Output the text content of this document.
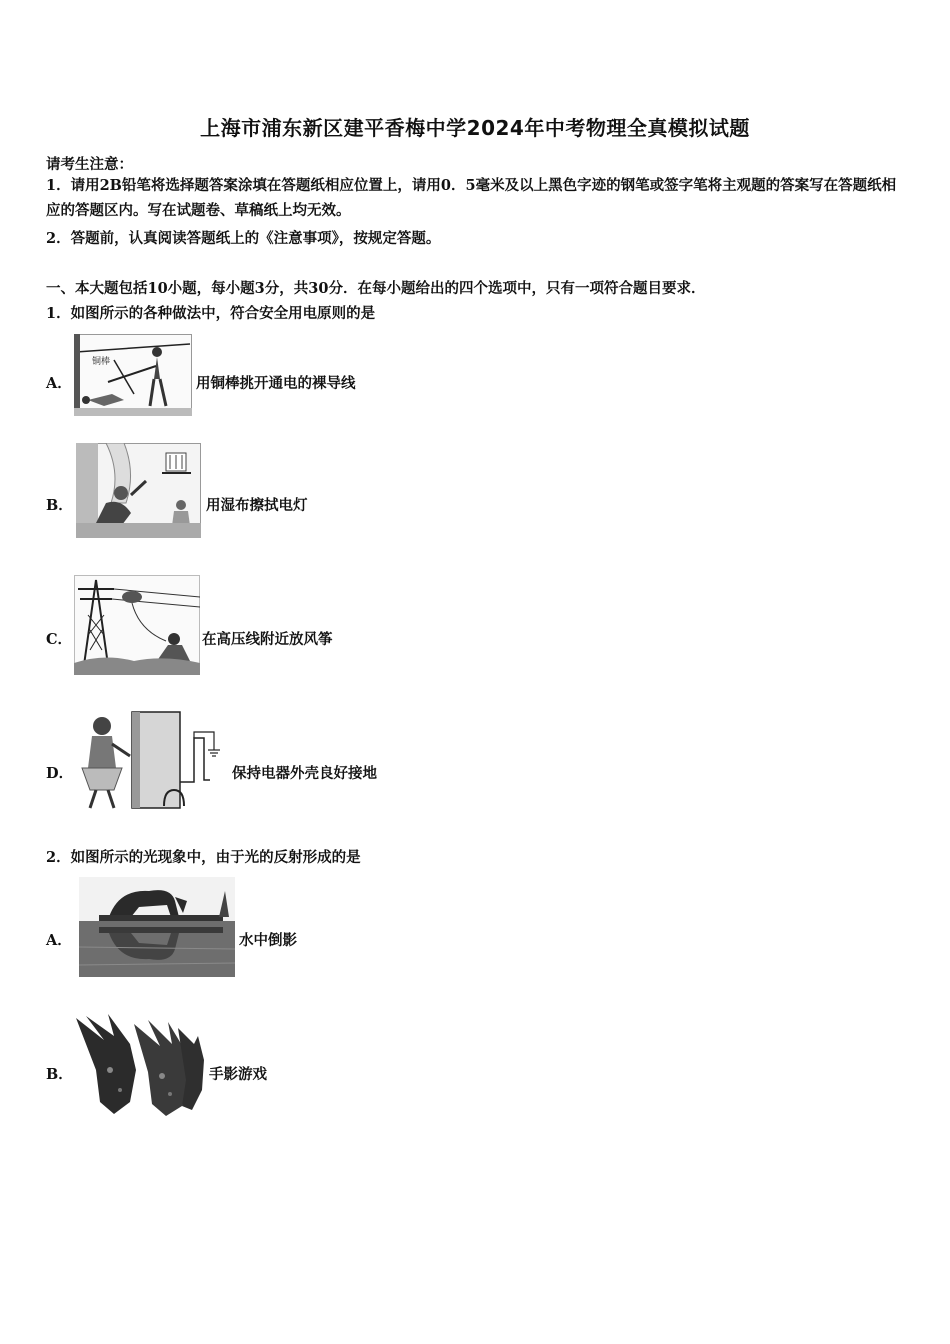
上海市浦东新区建平香梅中学2024年中考物理全真模拟试题
请考生注意：
1．请用2B铅笔将选择题答案涂填在答题纸相应位置上，请用0．5毫米及以上黑色字迹的钢笔或签字笔将主观题的答案写在答题纸相应的答题区内。写在试题卷、草稿纸上均无效。
2．答题前，认真阅读答题纸上的《注意事项》，按规定答题。
一、本大题包括10小题，每小题3分，共30分．在每小题给出的四个选项中，只有一项符合题目要求．
1．如图所示的各种做法中，符合安全用电原则的是
A．
铜棒
用铜棒挑开通电的裸导线
B．	用湿布擦拭电灯
C．	在高压线附近放风筝
D．	保持电器外壳良好接地
2．如图所示的光现象中，由于光的反射形成的是
A．	水中倒影
B．	手影游戏
